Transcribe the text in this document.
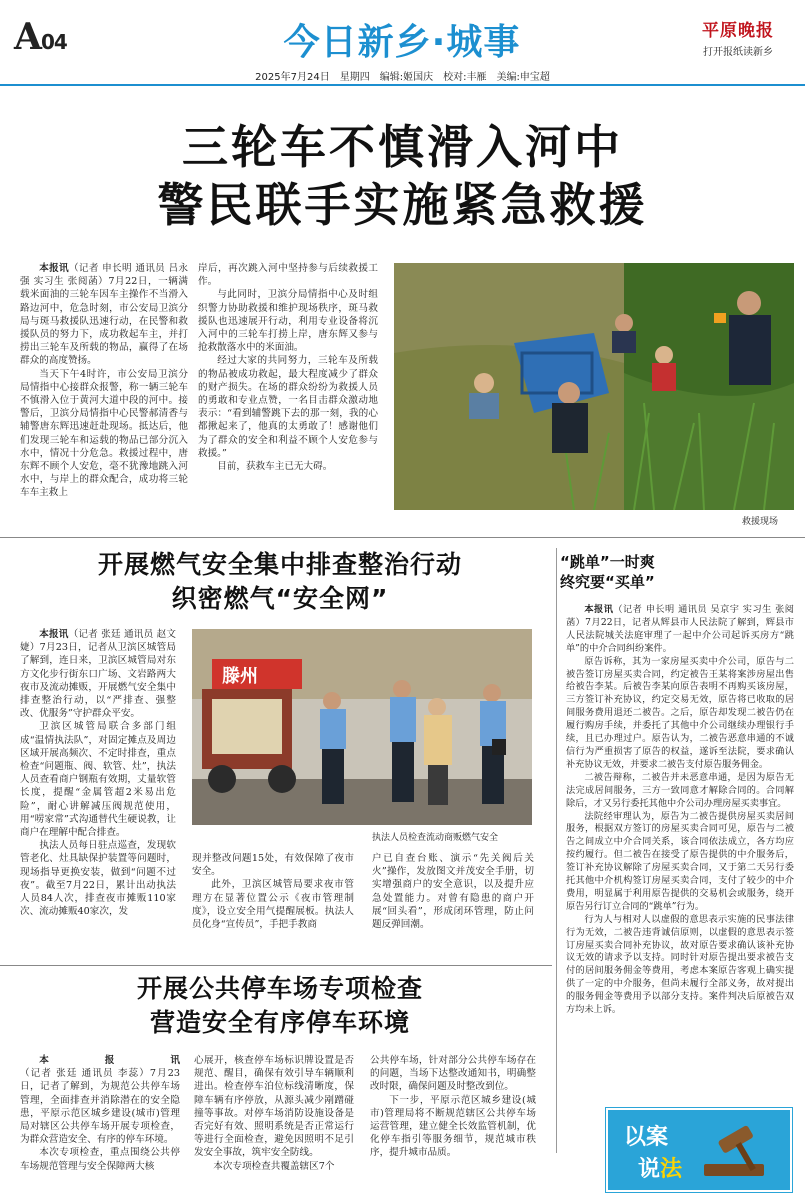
A04	今日新乡·城事	平原晚报
打开报纸读新乡
2025年7月24日　星期四　编辑:姬国庆　校对:丰雁　美编:申宝超
三轮车不慎滑入河中
警民联手实施紧急救援

本报讯（记者 申长明 通讯员 吕永强 实习生 张阅菡）7月22日，一辆满载米面油的三轮车因车主操作不当滑入路边河中，危急时刻，市公安局卫滨分局与斑马救援队迅速行动，在民警和救援队员的努力下，成功救起车主，并打捞出三轮车及所载的物品，赢得了在场群众的高度赞扬。

当天下午4时许，市公安局卫滨分局情指中心接群众报警，称一辆三轮车不慎滑入位于黄河大道中段的河中。接警后，卫滨分局情指中心民警郝清香与辅警唐东辉迅速赶赴现场。抵达后，他们发现三轮车和运载的物品已部分沉入水中，情况十分危急。救援过程中，唐东辉不顾个人安危，毫不犹豫地跳入河水中，与岸上的群众配合，成功将三轮车车主救上

岸后，再次跳入河中坚持参与后续救援工作。

与此同时，卫滨分局情指中心及时组织警力协助救援和维护现场秩序，斑马救援队也迅速展开行动，利用专业设备将沉入河中的三轮车打捞上岸，唐东辉又参与抢救散落水中的米面油。

经过大家的共同努力，三轮车及所载的物品被成功救起，最大程度减少了群众的财产损失。在场的群众纷纷为救援人员的勇敢和专业点赞，一名目击群众激动地表示：“看到辅警跳下去的那一刻，我的心都揪起来了，他真的太勇敢了！感谢他们为了群众的安全和利益不顾个人安危参与救援。”

目前，获救车主已无大碍。

救援现场
开展燃气安全集中排查整治行动
织密燃气“安全网”

本报讯（记者 张廷 通讯员 赵文婕）7月23日，记者从卫滨区城管局了解到，连日来，卫滨区城管局对东方文化步行街东口广场、文岩路两大夜市及流动摊贩，开展燃气安全集中排查整治行动，以“严排查、强整改、优服务”守护群众平安。

卫滨区城管局联合多部门组成“温情执法队”，对固定摊点及周边区域开展高频次、不定时排查，重点检查“问题瓶、阀、软管、灶”，执法人员查看商户钢瓶有效期，丈量软管长度，提醒“金属管超2米易出危险”，耐心讲解减压阀规范使用，用“唠家常”式沟通替代生硬说教，让商户在理解中配合排查。

执法人员每日驻点巡查，发现软管老化、灶具缺保护装置等问题时，现场指导更换安装，做到“问题不过夜”。截至7月22日，累计出动执法人员84人次，排查夜市摊贩110家次、流动摊贩40家次，发

滕州
执法人员检查流动商贩燃气安全

现并整改问题15处，有效保障了夜市安全。

此外，卫滨区城管局要求夜市管理方在显著位置公示《夜市管理制度》，设立安全用气提醒展板。执法人员化身“宣传员”，手把手教商

户已自查台账、演示“先关阀后关火”操作，发放图文并茂安全手册，切实增强商户的安全意识，以及提升应急处置能力。对曾有隐患的商户开展“回头看”，形成闭环管理，防止问题反弹回潮。

开展公共停车场专项检查
营造安全有序停车环境

本报讯（记者 张廷 通讯员 李蕊）7月23日，记者了解到，为规范公共停车场管理，全面排查并消除潜在的安全隐患，平原示范区城乡建设(城市)管理局对辖区公共停车场开展专项检查，为群众营造安全、有序的停车环境。

本次专项检查，重点围绕公共停车场规范管理与安全保障两大核

心展开，核查停车场标识牌设置是否规范、醒目，确保有效引导车辆顺利进出。检查停车泊位标线清晰度，保障车辆有序停放，从源头减少剐蹭碰撞等事故。对停车场消防设施设备是否完好有效、照明系统是否正常运行等进行全面检查，避免因照明不足引发安全事故，筑牢安全防线。

本次专项检查共覆盖辖区7个

公共停车场，针对部分公共停车场存在的问题，当场下达整改通知书，明确整改时限，确保问题及时整改到位。

下一步，平原示范区城乡建设(城市)管理局将不断规范辖区公共停车场运营管理，建立健全长效监管机制，优化停车指引等服务细节，规范城市秩序，提升城市品质。

“跳单”一时爽
终究要“买单”

本报讯（记者 申长明 通讯员 吴京宇 实习生 张阅菡）7月22日，记者从辉县市人民法院了解到，辉县市人民法院城关法庭审理了一起中介公司起诉买房方“跳单”的中介合同纠纷案件。

原告诉称，其为一家房屋买卖中介公司，原告与二被告签订房屋买卖合同，约定被告王某将案涉房屋出售给被告李某。后被告李某向原告表明不再购买该房屋，三方签订补充协议，约定交易无效，原告将已收取的居间服务费用退还二被告。之后，原告却发现二被告仍在履行购房手续，并委托了其他中介公司继续办理银行手续，且已办理过户。原告认为，二被告恶意串通的不诚信行为严重损害了原告的权益，遂诉至法院，要求确认补充协议无效，并要求二被告支付原告服务佣金。

二被告辩称，二被告并未恶意串通，是因为原告无法完成居间服务，三方一致同意才解除合同的。合同解除后，才又另行委托其他中介公司办理房屋买卖事宜。

法院经审理认为，原告为二被告提供房屋买卖居间服务，根据双方签订的房屋买卖合同可见，原告与二被告之间成立中介合同关系，该合同依法成立，各方均应按约履行。但二被告在接受了原告提供的中介服务后，签订补充协议解除了房屋买卖合同，又于第二天另行委托其他中介机构签订房屋买卖合同，支付了较少的中介费用，明显属于利用原告提供的交易机会或服务，绕开原告另行订立合同的“跳单”行为。

行为人与相对人以虚假的意思表示实施的民事法律行为无效，二被告违背诚信原则，以虚假的意思表示签订房屋买卖合同补充协议，故对原告要求确认该补充协议无效的请求予以支持。同时针对原告提出要求被告支付的居间服务佣金等费用，考虑本案原告客观上确实提供了一定的中介服务，但尚未履行全部义务，故对提出的服务佣金等费用予以部分支持。案件判决后原被告双方均未上诉。

以案
说法
